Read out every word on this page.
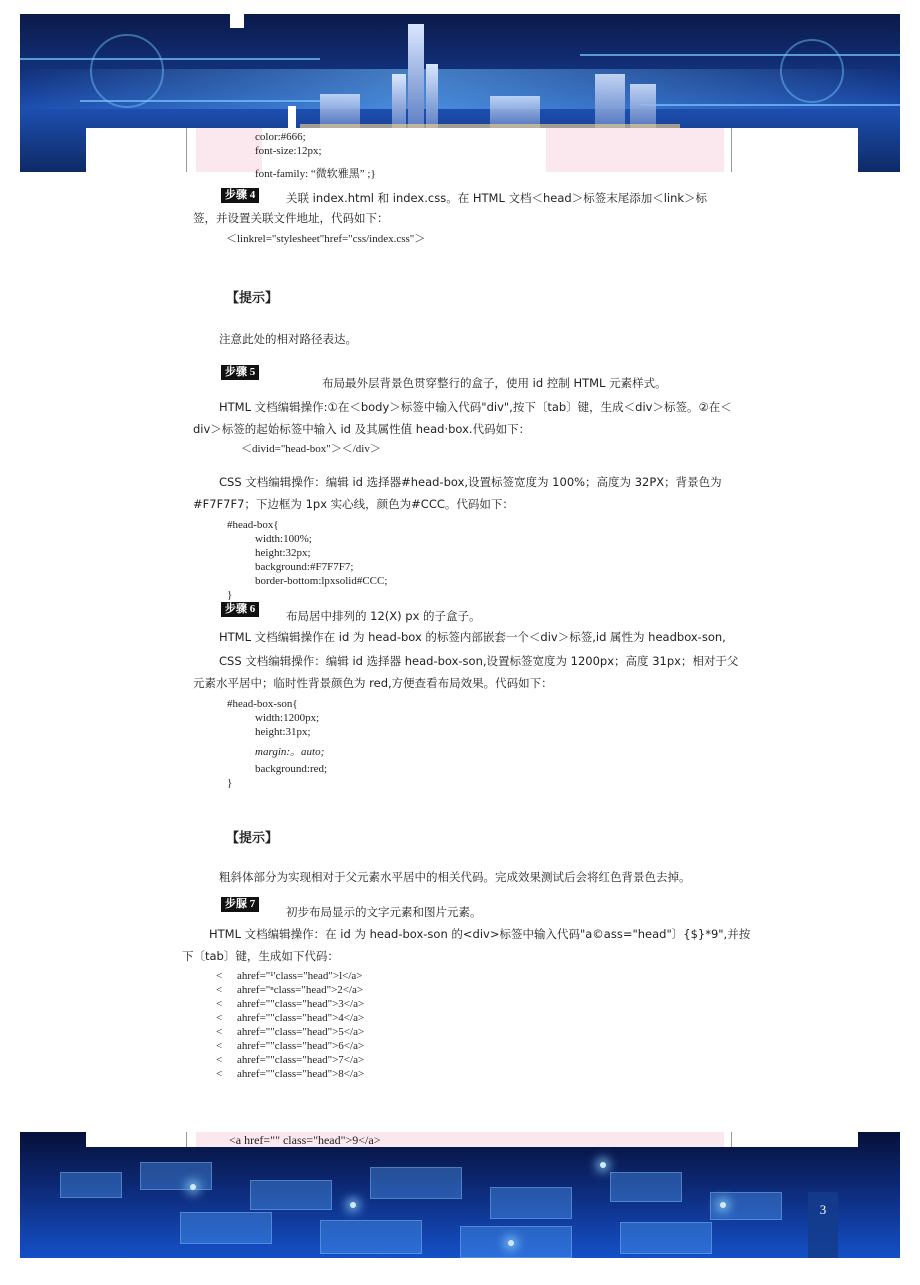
color:#666;
font-size:12px;
font-family: “微软雅黑” ;}
步骤 4	关联 index.html 和 index.css。在 HTML 文档＜head＞标签末尾添加＜link＞标
签，并设置关联文件地址，代码如下：
＜linkrel="stylesheet"href="css/index.css"＞
【提示】
注意此处的相对路径表达。
步骤 5
布局最外层背景色贯穿整行的盒子，使用 id 控制 HTML 元素样式。
HTML 文档编辑操作:①在＜body＞标签中输入代码"div",按下〔tab〕键，生成＜div＞标签。②在＜
div＞标签的起始标签中输入 id 及其属性值 head·box.代码如下：
＜divid="head-box"＞＜/div＞
CSS 文档编辑操作：编辑 id 选择器#head-box,设置标签宽度为 100%；高度为 32PX；背景色为
#F7F7F7；下边框为 1px 实心线，颜色为#CCC。代码如下：
#head-box{
width:100%;
height:32px;
background:#F7F7F7;
border-bottom:lpxsolid#CCC;
}
步骤 6	布局居中排列的 12(X) px 的子盒子。
HTML 文档编辑操作在 id 为 head-box 的标签内部嵌套一个＜div＞标签,id 属性为 headbox-son,
CSS 文档编辑操作：编辑 id 选择器 head-box-son,设置标签宽度为 1200px；高度 31px；相对于父
元素水平居中；临时性背景颜色为 red,方便查看布局效果。代码如下：
#head-box-son{
width:1200px;
height:31px;
margin:。auto;
background:red;
}
【提示】
粗斜体部分为实现相对于父元素水平居中的相关代码。完成效果测试后会将红色背景色去掉。
步脲 7
初步布局显示的文字元素和图片元素。
HTML 文档编辑操作：在 id 为 head-box-son 的<div>标签中输入代码"a©ass="head"〕{$}*9",并按
下〔tab〕键，生成如下代码：
< ahref="¹'class="head">l</a>
< ahref="ⁿclass="head">2</a>
< ahref=""class="head">3</a>
< ahref=""class="head">4</a>
< ahref=""class="head">5</a>
< ahref=""class="head">6</a>
< ahref=""class="head">7</a>
< ahref=""class="head">8</a>
<a href="" class="head">9</a>
3
